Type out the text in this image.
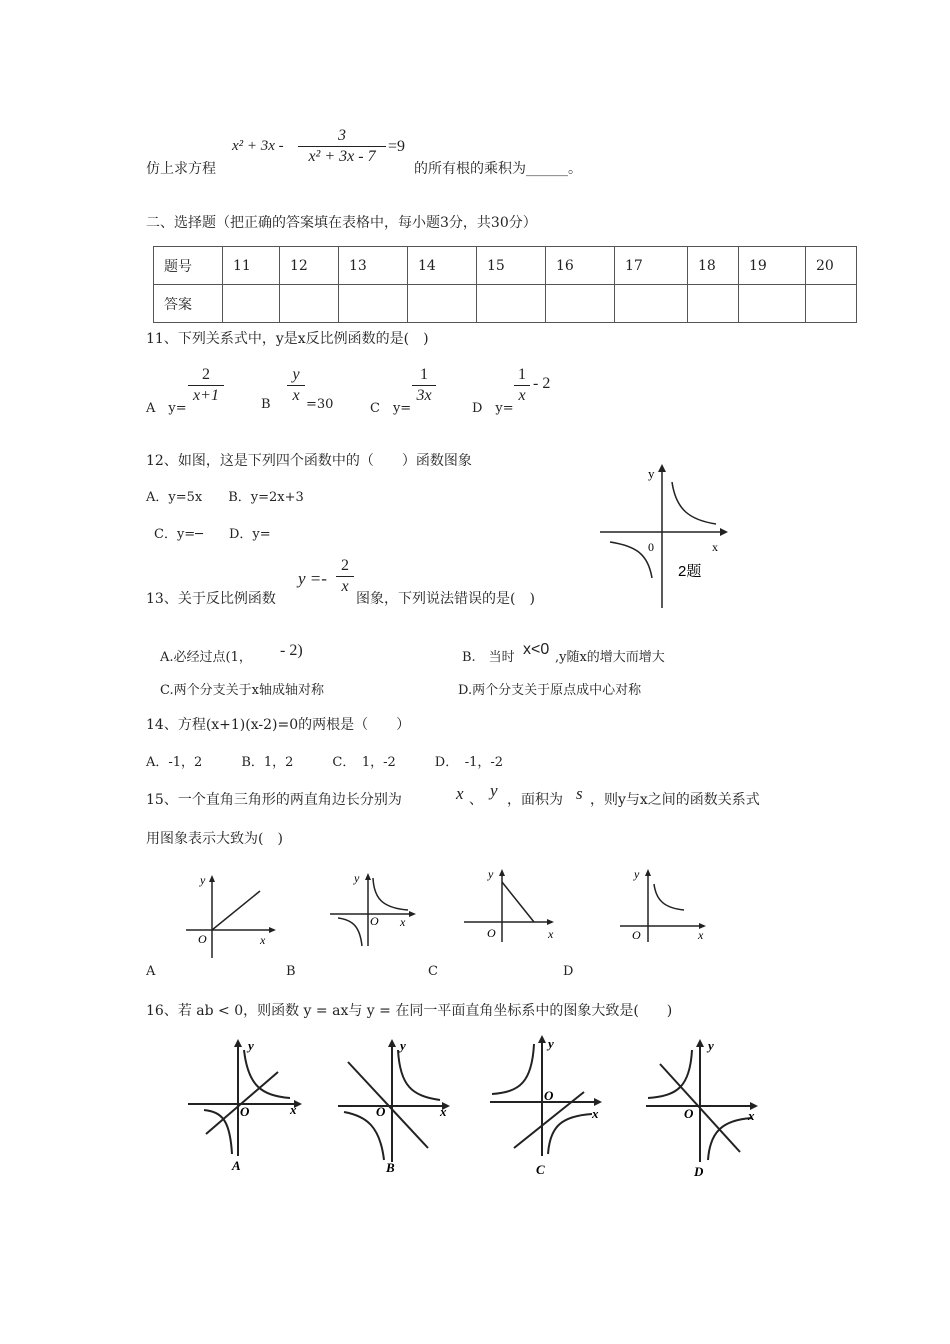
仿上求方程
$x^2 + 3x - \frac{3}{\text{x² + 3x - 7}} =9$
的所有根的乘积为______。
二、选择题（把正确的答案填在表格中，每小题3分，共30分）
题号	11	12	13	14	15	16	17	18	19	20
答案										
11、下列关系式中，y是x反比例函数的是(　)
A　y=
$\frac{2}{x+1}$	B $\frac{y}{x} =30$	C　y=
$\frac{1}{3x}$
D　y=
$\frac{1}{x} - 2$
12、如图，这是下列四个函数中的（　　）函数图象
A．y=5x　　B．y=2x+3
C．y=─　　D．y=
y
x
0
2题
13、关于反比例函数
$y =- \frac{2}{x}$
图象，下列说法错误的是(　)
A.必经过点(1， - 2)	B.　当时 x<0 ,y随x的增大而增大
C.两个分支关于x轴成轴对称	D.两个分支关于原点成中心对称
14、方程(x+1)(x-2)=0的两根是（　　）
A．-1，2　　　B．1，2　　　C．　1，-2　　　D．　-1，-2
15、一个直角三角形的两直角边长分别为	x 、 y ，面积为 s ，则y与x之间的函数关系式
用图象表示大致为(　)
y
x
O
y
x
O
y
x
O
y
x
O
A	B	C	D
16、若 ab < 0，则函数 y = ax与 y = 在同一平面直角坐标系中的图象大致是(　　)
y
x
O
A
y
x
O
B
y
x
O
C
y
x
O
D
